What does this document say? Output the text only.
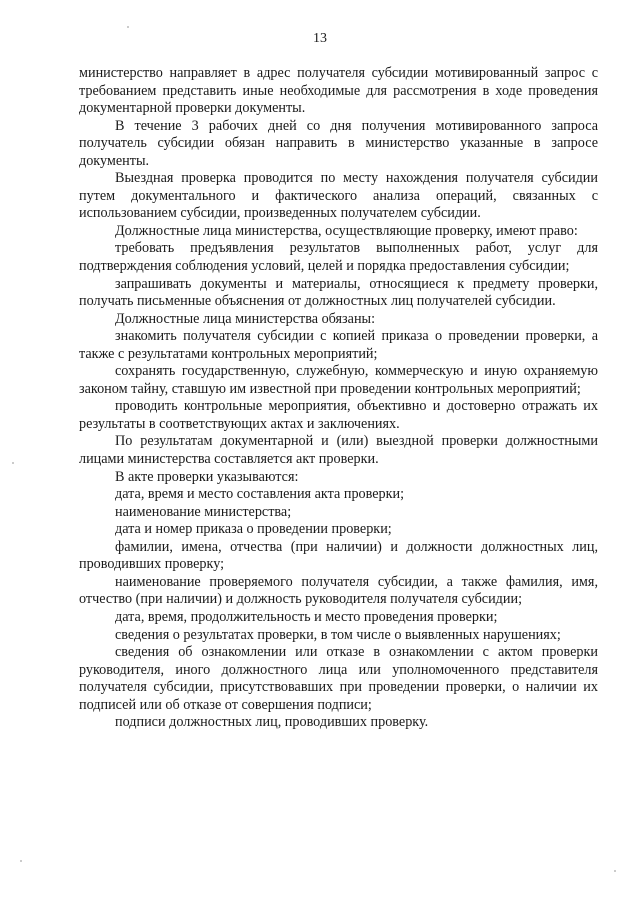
13

министерство направляет в адрес получателя субсидии мотивированный запрос с требованием представить иные необходимые для рассмотрения в ходе проведения документарной проверки документы.

В течение 3 рабочих дней со дня получения мотивированного запроса получатель субсидии обязан направить в министерство указанные в запросе документы.

Выездная проверка проводится по месту нахождения получателя субсидии путем документального и фактического анализа операций, связанных с использованием субсидии, произведенных получателем субсидии.

Должностные лица министерства, осуществляющие проверку, имеют право:

требовать предъявления результатов выполненных работ, услуг для подтверждения соблюдения условий, целей и порядка предоставления субсидии;

запрашивать документы и материалы, относящиеся к предмету проверки, получать письменные объяснения от должностных лиц получателей субсидии.

Должностные лица министерства обязаны:

знакомить получателя субсидии с копией приказа о проведении проверки, а также с результатами контрольных мероприятий;

сохранять государственную, служебную, коммерческую и иную охраняемую законом тайну, ставшую им известной при проведении контрольных мероприятий;

проводить контрольные мероприятия, объективно и достоверно отражать их результаты в соответствующих актах и заключениях.

По результатам документарной и (или) выездной проверки должностными лицами министерства составляется акт проверки.

В акте проверки указываются:

дата, время и место составления акта проверки;

наименование министерства;

дата и номер приказа о проведении проверки;

фамилии, имена, отчества (при наличии) и должности должностных лиц, проводивших проверку;

наименование проверяемого получателя субсидии, а также фамилия, имя, отчество (при наличии) и должность руководителя получателя субсидии;

дата, время, продолжительность и место проведения проверки;

сведения о результатах проверки, в том числе о выявленных нарушениях;

сведения об ознакомлении или отказе в ознакомлении с актом проверки руководителя, иного должностного лица или уполномоченного представителя получателя субсидии, присутствовавших при проведении проверки, о наличии их подписей или об отказе от совершения подписи;

подписи должностных лиц, проводивших проверку.
